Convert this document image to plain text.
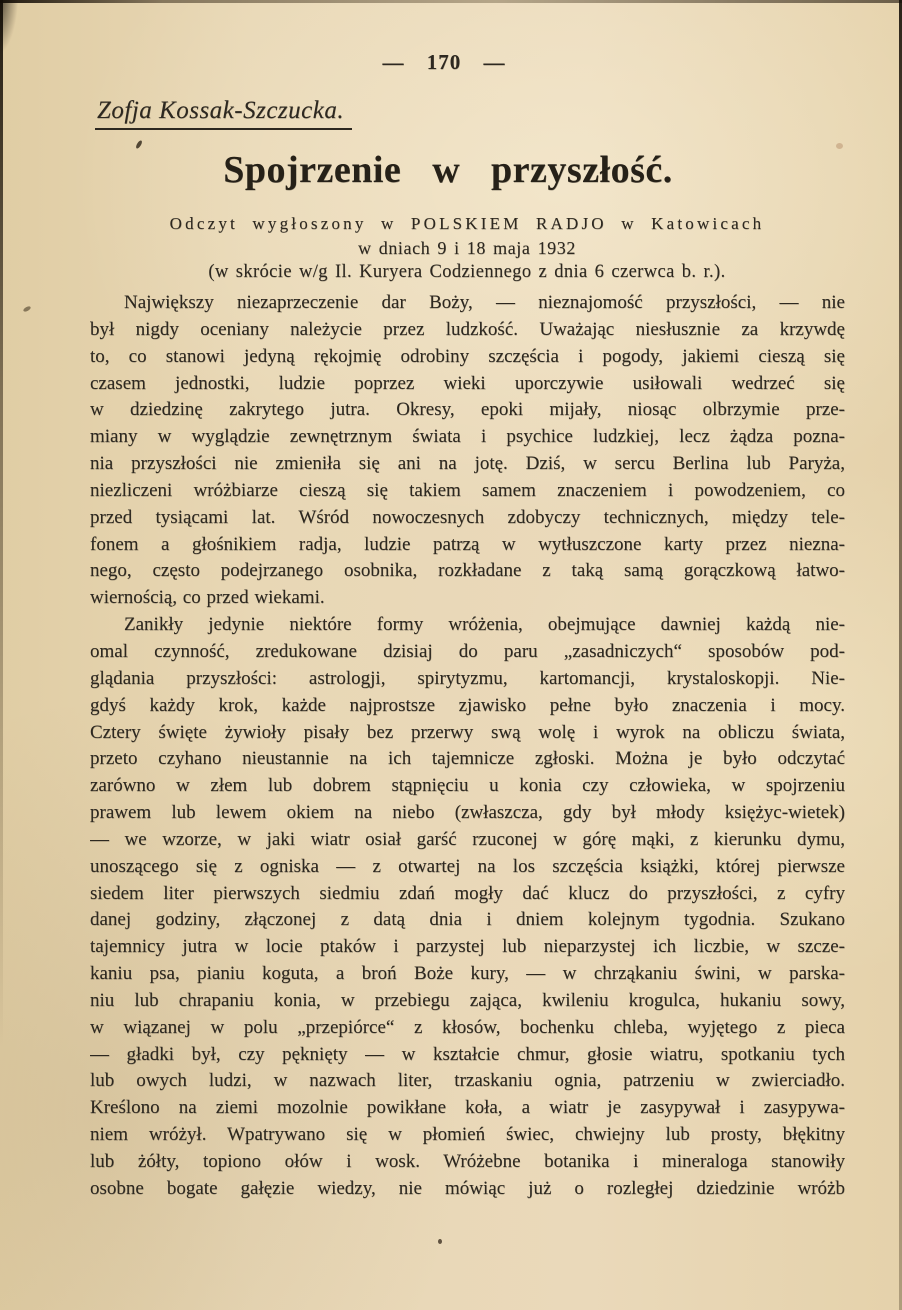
— 170 —
Zofja Kossak-Szczucka.
Spojrzenie w przyszłość.
Odczyt wygłoszony w POLSKIEM RADJO w Katowicach
w dniach 9 i 18 maja 1932
(w skrócie w/g Il. Kuryera Codziennego z dnia 6 czerwca b. r.).
Największy niezaprzeczenie dar Boży, — nieznajomość przyszłości, — nie
był nigdy oceniany należycie przez ludzkość. Uważając niesłusznie za krzywdę
to, co stanowi jedyną rękojmię odrobiny szczęścia i pogody, jakiemi cieszą się
czasem jednostki, ludzie poprzez wieki uporczywie usiłowali wedrzeć się
w dziedzinę zakrytego jutra. Okresy, epoki mijały, niosąc olbrzymie prze-
miany w wyglądzie zewnętrznym świata i psychice ludzkiej, lecz żądza pozna-
nia przyszłości nie zmieniła się ani na jotę. Dziś, w sercu Berlina lub Paryża,
niezliczeni wróżbiarze cieszą się takiem samem znaczeniem i powodzeniem, co
przed tysiącami lat. Wśród nowoczesnych zdobyczy technicznych, między tele-
fonem a głośnikiem radja, ludzie patrzą w wytłuszczone karty przez niezna-
nego, często podejrzanego osobnika, rozkładane z taką samą gorączkową łatwo-
wiernością, co przed wiekami.
Zanikły jedynie niektóre formy wróżenia, obejmujące dawniej każdą nie-
omal czynność, zredukowane dzisiaj do paru „zasadniczych“ sposobów pod-
glądania przyszłości: astrologji, spirytyzmu, kartomancji, krystaloskopji. Nie-
gdyś każdy krok, każde najprostsze zjawisko pełne było znaczenia i mocy.
Cztery święte żywioły pisały bez przerwy swą wolę i wyrok na obliczu świata,
przeto czyhano nieustannie na ich tajemnicze zgłoski. Można je było odczytać
zarówno w złem lub dobrem stąpnięciu u konia czy człowieka, w spojrzeniu
prawem lub lewem okiem na niebo (zwłaszcza, gdy był młody księżyc-wietek)
— we wzorze, w jaki wiatr osiał garść rzuconej w górę mąki, z kierunku dymu,
unoszącego się z ogniska — z otwartej na los szczęścia książki, której pierwsze
siedem liter pierwszych siedmiu zdań mogły dać klucz do przyszłości, z cyfry
danej godziny, złączonej z datą dnia i dniem kolejnym tygodnia. Szukano
tajemnicy jutra w locie ptaków i parzystej lub nieparzystej ich liczbie, w szcze-
kaniu psa, pianiu koguta, a broń Boże kury, — w chrząkaniu świni, w parska-
niu lub chrapaniu konia, w przebiegu zająca, kwileniu krogulca, hukaniu sowy,
w wiązanej w polu „przepiórce“ z kłosów, bochenku chleba, wyjętego z pieca
— gładki był, czy pęknięty — w kształcie chmur, głosie wiatru, spotkaniu tych
lub owych ludzi, w nazwach liter, trzaskaniu ognia, patrzeniu w zwierciadło.
Kreślono na ziemi mozolnie powikłane koła, a wiatr je zasypywał i zasypywa-
niem wróżył. Wpatrywano się w płomień świec, chwiejny lub prosty, błękitny
lub żółty, topiono ołów i wosk. Wróżebne botanika i mineraloga stanowiły
osobne bogate gałęzie wiedzy, nie mówiąc już o rozległej dziedzinie wróżb
